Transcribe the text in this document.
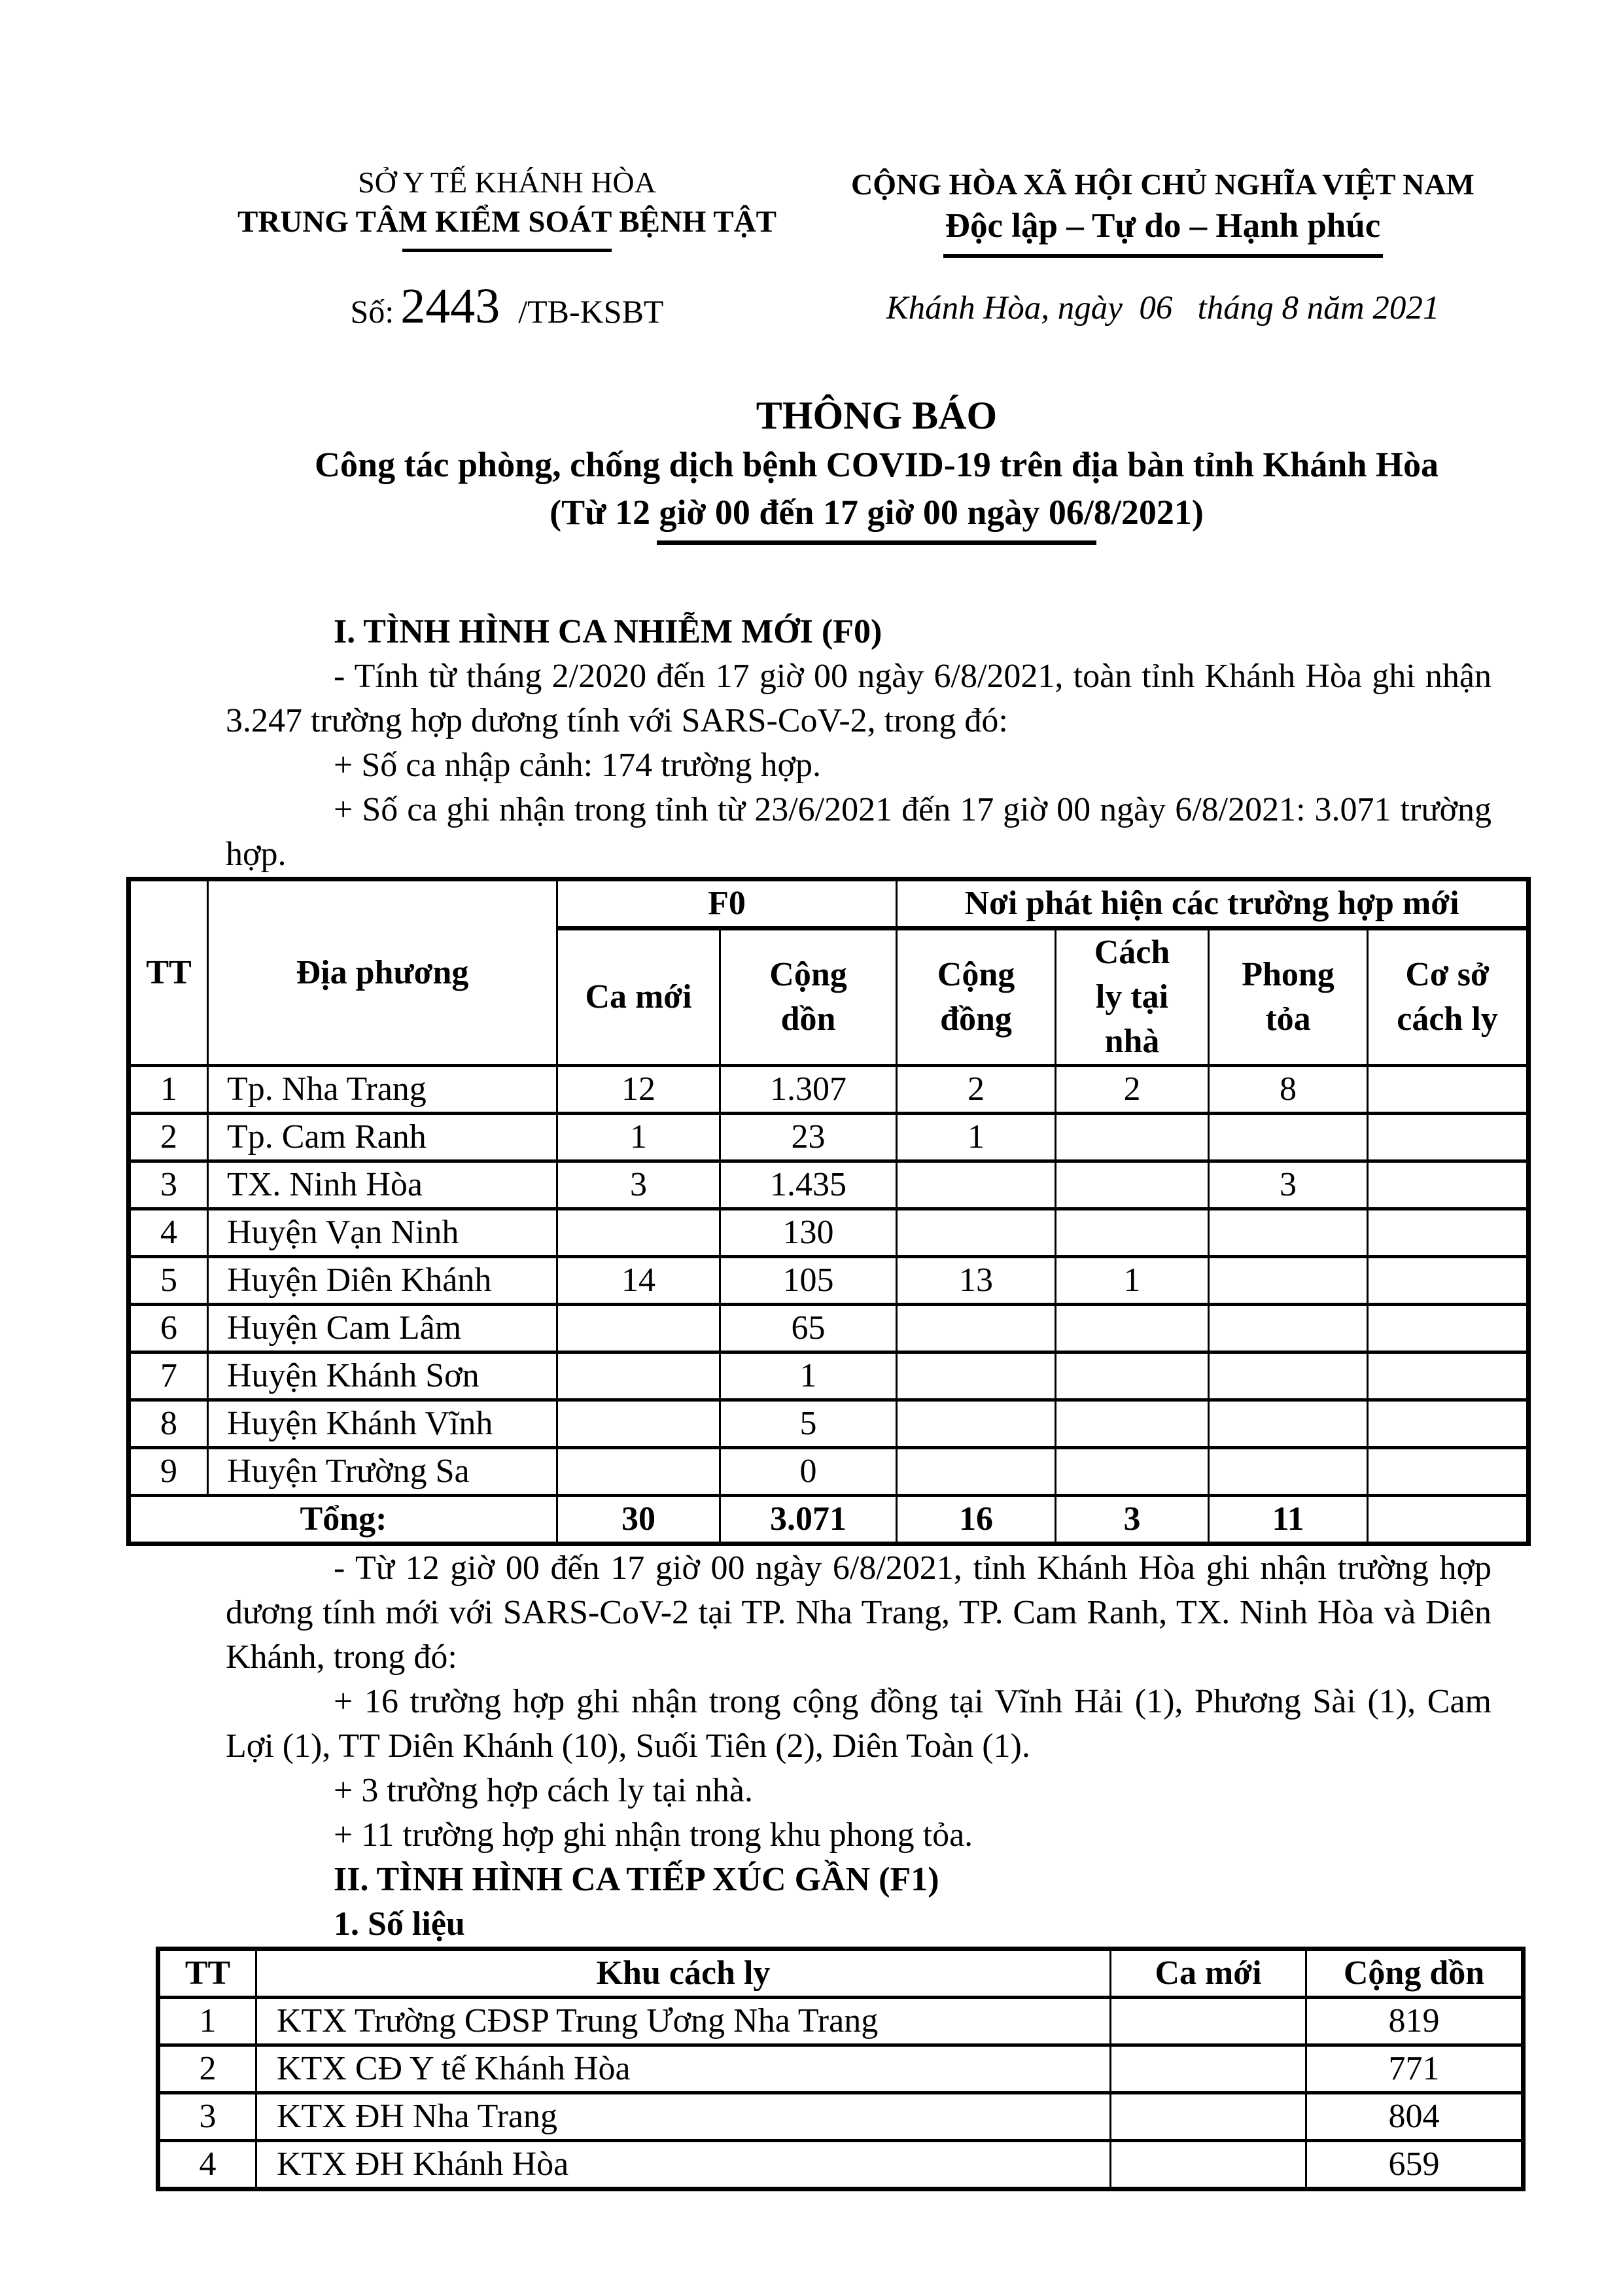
SỞ Y TẾ KHÁNH HÒA
TRUNG TÂM KIỂM SOÁT BỆNH TẬT
Số: 2443 /TB-KSBT
CỘNG HÒA XÃ HỘI CHỦ NGHĨA VIỆT NAM
Độc lập – Tự do – Hạnh phúc
Khánh Hòa, ngày  06   tháng 8 năm 2021
THÔNG BÁO
Công tác phòng, chống dịch bệnh COVID-19 trên địa bàn tỉnh Khánh Hòa
(Từ 12 giờ 00 đến 17 giờ 00 ngày 06/8/2021)

I. TÌNH HÌNH CA NHIỄM MỚI (F0)

- Tính từ tháng 2/2020 đến 17 giờ 00 ngày 6/8/2021, toàn tỉnh Khánh Hòa ghi nhận 3.247 trường hợp dương tính với SARS-CoV-2, trong đó:

+ Số ca nhập cảnh: 174 trường hợp.

+ Số ca ghi nhận trong tỉnh từ 23/6/2021 đến 17 giờ 00 ngày 6/8/2021: 3.071 trường hợp.

TT	Địa phương	F0		Nơi phát hiện các trường hợp mới			
		Ca mới	Cộng dồn	Cộng đồng	Cách ly tại nhà	Phong tỏa	Cơ sở cách ly
1	Tp. Nha Trang	12	1.307	2	2	8	
2	Tp. Cam Ranh	1	23	1			
3	TX. Ninh Hòa	3	1.435			3	
4	Huyện Vạn Ninh		130				
5	Huyện Diên Khánh	14	105	13	1		
6	Huyện Cam Lâm		65				
7	Huyện Khánh Sơn		1				
8	Huyện Khánh Vĩnh		5				
9	Huyện Trường Sa		0				
Tổng:		30	3.071	16	3	11	

- Từ 12 giờ 00 đến 17 giờ 00 ngày 6/8/2021, tỉnh Khánh Hòa ghi nhận trường hợp dương tính mới với SARS-CoV-2 tại TP. Nha Trang, TP. Cam Ranh, TX. Ninh Hòa và Diên Khánh, trong đó:

+ 16 trường hợp ghi nhận trong cộng đồng tại Vĩnh Hải (1), Phương Sài (1), Cam Lợi (1), TT Diên Khánh (10), Suối Tiên (2), Diên Toàn (1).

+ 3 trường hợp cách ly tại nhà.

+ 11 trường hợp ghi nhận trong khu phong tỏa.

II. TÌNH HÌNH CA TIẾP XÚC GẦN (F1)

1. Số liệu

TT	Khu cách ly	Ca mới	Cộng dồn
1	KTX Trường CĐSP Trung Ương Nha Trang		819
2	KTX CĐ Y tế Khánh Hòa		771
3	KTX ĐH Nha Trang		804
4	KTX ĐH Khánh Hòa		659
